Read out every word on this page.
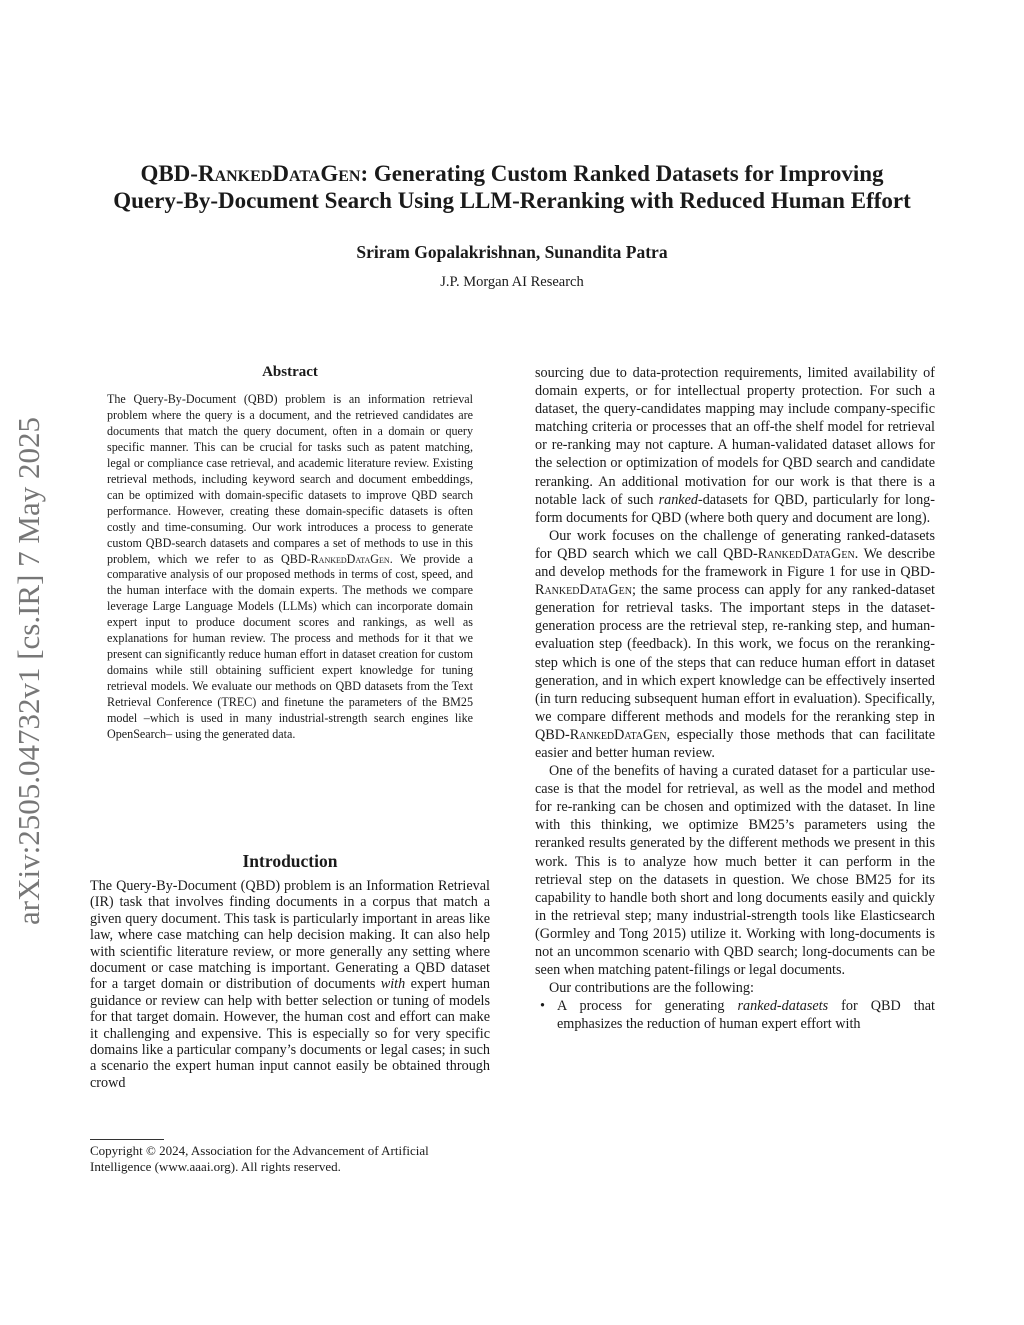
QBD-RankedDataGen: Generating Custom Ranked Datasets for Improving
Query-By-Document Search Using LLM-Reranking with Reduced Human Effort
Sriram Gopalakrishnan, Sunandita Patra
J.P. Morgan AI Research
arXiv:2505.04732v1 [cs.IR] 7 May 2025
Abstract

The Query-By-Document (QBD) problem is an information retrieval problem where the query is a document, and the retrieved candidates are documents that match the query document, often in a domain or query specific manner. This can be crucial for tasks such as patent matching, legal or compliance case retrieval, and academic literature review. Existing retrieval methods, including keyword search and document embeddings, can be optimized with domain-specific datasets to improve QBD search performance. However, creating these domain-specific datasets is often costly and time-consuming. Our work introduces a process to generate custom QBD-search datasets and compares a set of methods to use in this problem, which we refer to as QBD-RankedDataGen. We provide a comparative analysis of our proposed methods in terms of cost, speed, and the human interface with the domain experts. The methods we compare leverage Large Language Models (LLMs) which can incorporate domain expert input to produce document scores and rankings, as well as explanations for human review. The process and methods for it that we present can significantly reduce human effort in dataset creation for custom domains while still obtaining sufficient expert knowledge for tuning retrieval models. We evaluate our methods on QBD datasets from the Text Retrieval Conference (TREC) and finetune the parameters of the BM25 model –which is used in many industrial-strength search engines like OpenSearch– using the generated data.

Introduction

The Query-By-Document (QBD) problem is an Information Retrieval (IR) task that involves finding documents in a corpus that match a given query document. This task is particularly important in areas like law, where case matching can help decision making. It can also help with scientific literature review, or more generally any setting where document or case matching is important. Generating a QBD dataset for a target domain or distribution of documents with expert human guidance or review can help with better selection or tuning of models for that target domain. However, the human cost and effort can make it challenging and expensive. This is especially so for very specific domains like a particular company’s documents or legal cases; in such a scenario the expert human input cannot easily be obtained through crowd

Copyright © 2024, Association for the Advancement of Artificial Intelligence (www.aaai.org). All rights reserved.

sourcing due to data-protection requirements, limited availability of domain experts, or for intellectual property protection. For such a dataset, the query-candidates mapping may include company-specific matching criteria or processes that an off-the shelf model for retrieval or re-ranking may not capture. A human-validated dataset allows for the selection or optimization of models for QBD search and candidate reranking. An additional motivation for our work is that there is a notable lack of such ranked-datasets for QBD, particularly for long-form documents for QBD (where both query and document are long).

Our work focuses on the challenge of generating ranked-datasets for QBD search which we call QBD-RankedDataGen. We describe and develop methods for the framework in Figure 1 for use in QBD-RankedDataGen; the same process can apply for any ranked-dataset generation for retrieval tasks. The important steps in the dataset-generation process are the retrieval step, re-ranking step, and human-evaluation step (feedback). In this work, we focus on the reranking-step which is one of the steps that can reduce human effort in dataset generation, and in which expert knowledge can be effectively inserted (in turn reducing subsequent human effort in evaluation). Specifically, we compare different methods and models for the reranking step in QBD-RankedDataGen, especially those methods that can facilitate easier and better human review.

One of the benefits of having a curated dataset for a particular use-case is that the model for retrieval, as well as the model and method for re-ranking can be chosen and optimized with the dataset. In line with this thinking, we optimize BM25’s parameters using the reranked results generated by the different methods we present in this work. This is to analyze how much better it can perform in the retrieval step on the datasets in question. We chose BM25 for its capability to handle both short and long documents easily and quickly in the retrieval step; many industrial-strength tools like Elasticsearch (Gormley and Tong 2015) utilize it. Working with long-documents is not an uncommon scenario with QBD search; long-documents can be seen when matching patent-filings or legal documents.

Our contributions are the following:

• A process for generating ranked-datasets for QBD that emphasizes the reduction of human expert effort with
